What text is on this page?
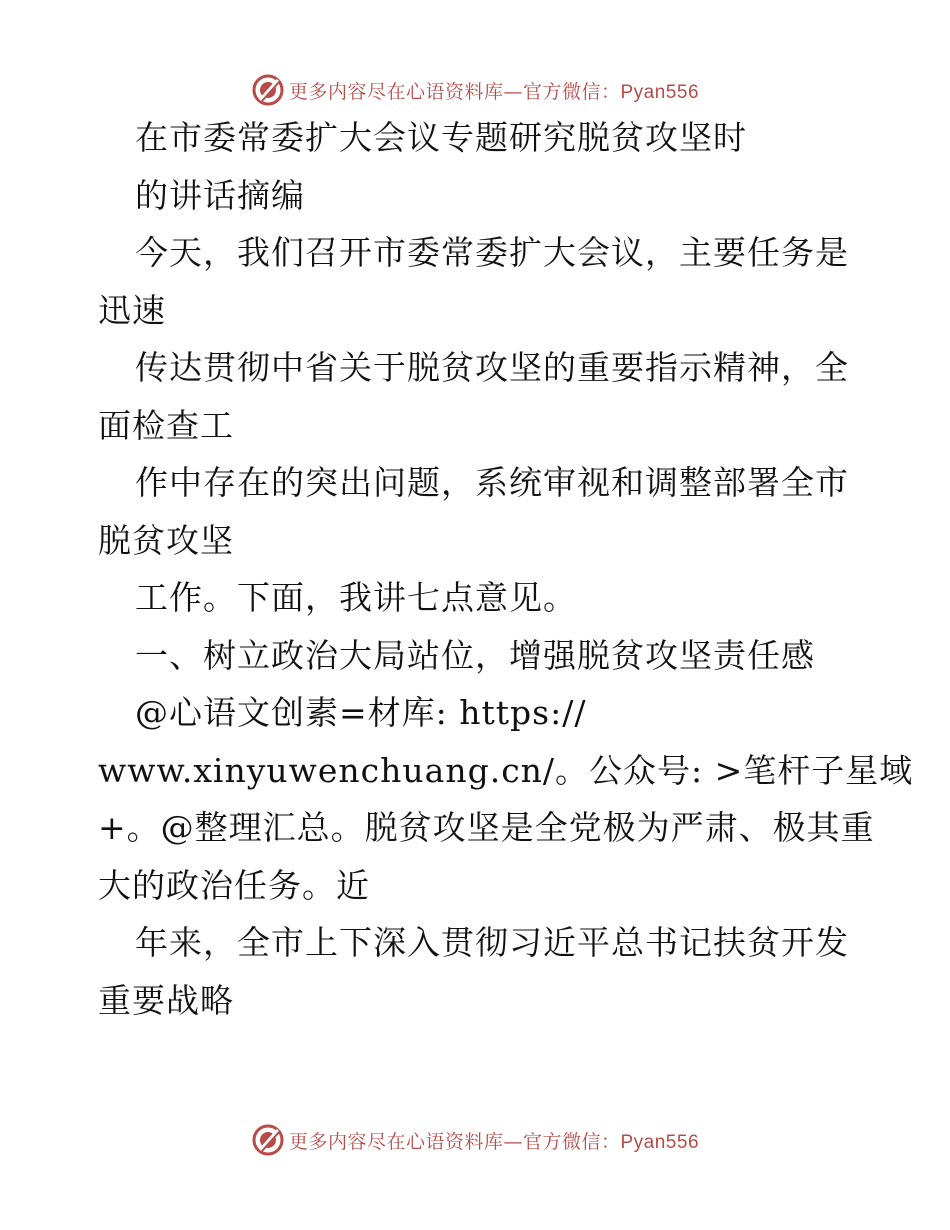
更多内容尽在心语资料库—官方微信：Pyan556
在市委常委扩大会议专题研究脱贫攻坚时
的讲话摘编
今天，我们召开市委常委扩大会议，主要任务是
迅速
传达贯彻中省关于脱贫攻坚的重要指示精神，全
面检查工
作中存在的突出问题，系统审视和调整部署全市
脱贫攻坚
工作。下面，我讲七点意见。
一、树立政治大局站位，增强脱贫攻坚责任感
@心语文创素=材库: https://
www.xinyuwenchuang.cn/。公众号: >笔杆子星域
+。@整理汇总。脱贫攻坚是全党极为严肃、极其重
大的政治任务。近
年来，全市上下深入贯彻习近平总书记扶贫开发
重要战略
更多内容尽在心语资料库—官方微信：Pyan556
